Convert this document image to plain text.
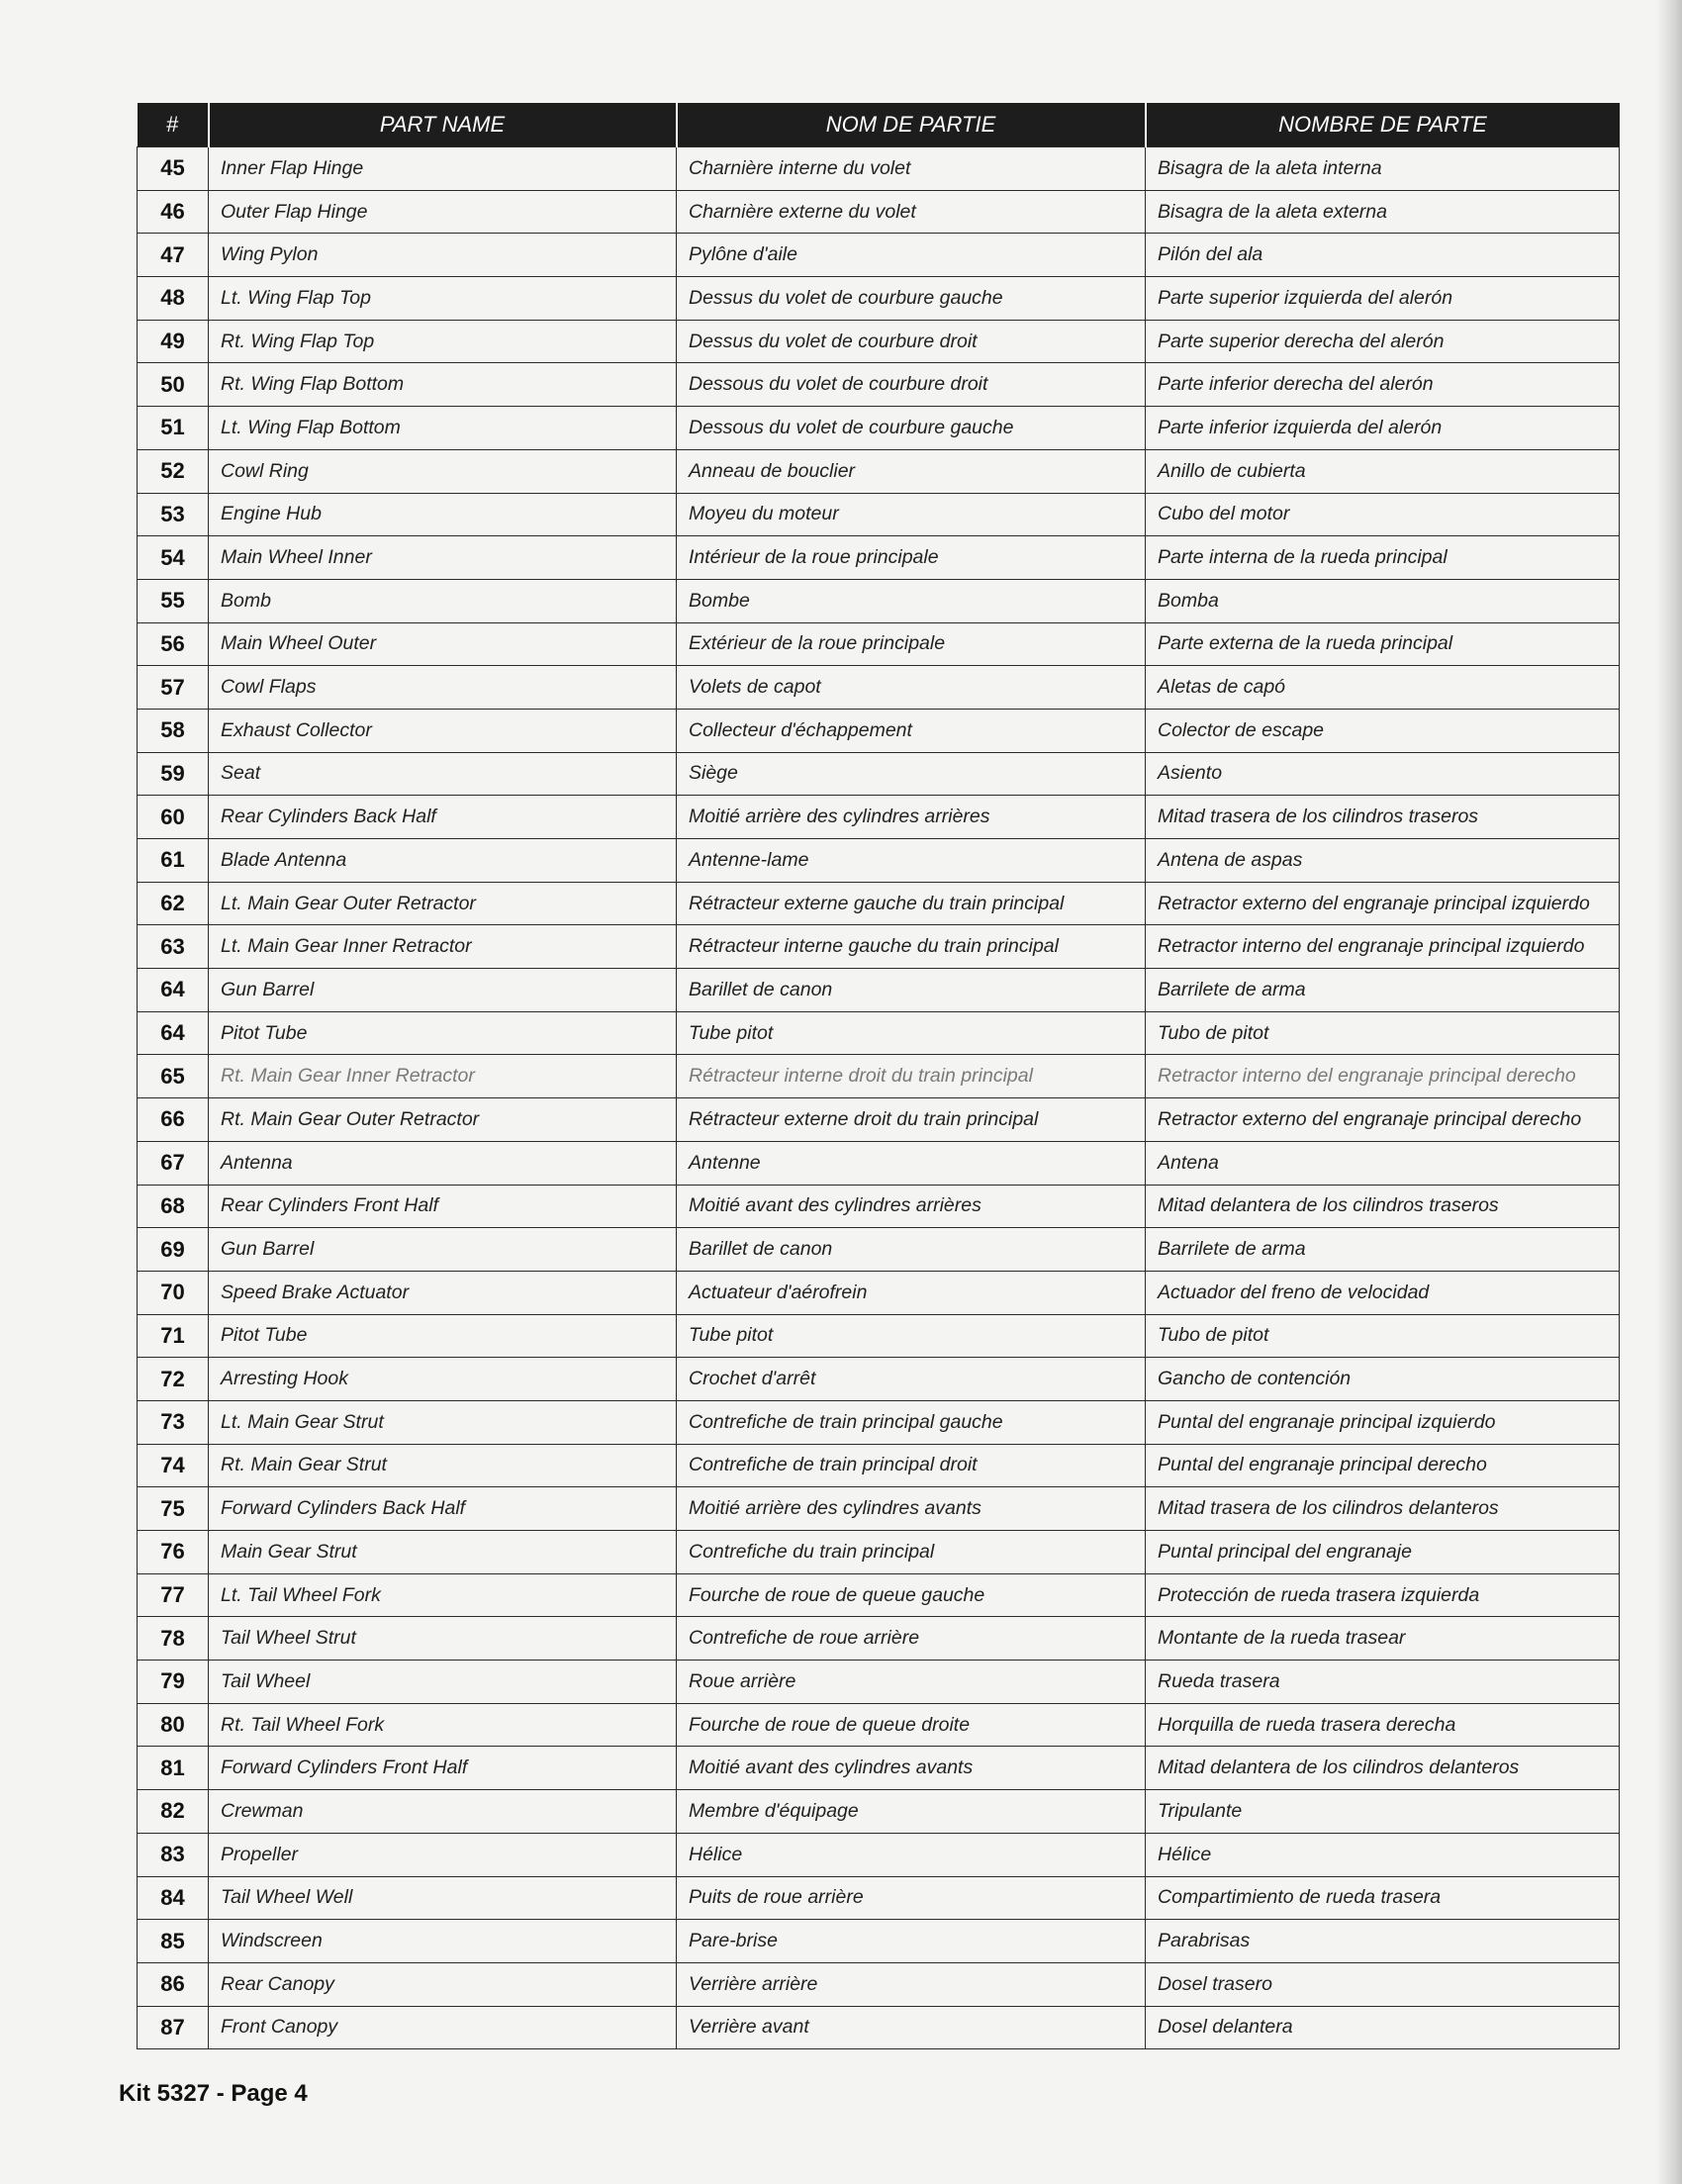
#	PART NAME	NOM DE PARTIE	NOMBRE DE PARTE
45	Inner Flap Hinge	Charnière interne du volet	Bisagra de la aleta interna
46	Outer Flap Hinge	Charnière externe du volet	Bisagra de la aleta externa
47	Wing Pylon	Pylône d'aile	Pilón del ala
48	Lt. Wing Flap Top	Dessus du volet de courbure gauche	Parte superior izquierda del alerón
49	Rt. Wing Flap Top	Dessus du volet de courbure droit	Parte superior derecha del alerón
50	Rt. Wing Flap Bottom	Dessous du volet de courbure droit	Parte inferior derecha del alerón
51	Lt. Wing Flap Bottom	Dessous du volet de courbure gauche	Parte inferior izquierda del alerón
52	Cowl Ring	Anneau de bouclier	Anillo de cubierta
53	Engine Hub	Moyeu du moteur	Cubo del motor
54	Main Wheel Inner	Intérieur de la roue principale	Parte interna de la rueda principal
55	Bomb	Bombe	Bomba
56	Main Wheel Outer	Extérieur de la roue principale	Parte externa de la rueda principal
57	Cowl Flaps	Volets de capot	Aletas de capó
58	Exhaust Collector	Collecteur d'échappement	Colector de escape
59	Seat	Siège	Asiento
60	Rear Cylinders Back Half	Moitié arrière des cylindres arrières	Mitad trasera de los cilindros traseros
61	Blade Antenna	Antenne-lame	Antena de aspas
62	Lt. Main Gear Outer Retractor	Rétracteur externe gauche du train principal	Retractor externo del engranaje principal izquierdo
63	Lt. Main Gear Inner Retractor	Rétracteur interne gauche du train principal	Retractor interno del engranaje principal izquierdo
64	Gun Barrel	Barillet de canon	Barrilete de arma
64	Pitot Tube	Tube pitot	Tubo de pitot
65	Rt. Main Gear Inner Retractor	Rétracteur interne droit du train principal	Retractor interno del engranaje principal derecho
66	Rt. Main Gear Outer Retractor	Rétracteur externe droit du train principal	Retractor externo del engranaje principal derecho
67	Antenna	Antenne	Antena
68	Rear Cylinders Front Half	Moitié avant des cylindres arrières	Mitad delantera de los cilindros traseros
69	Gun Barrel	Barillet de canon	Barrilete de arma
70	Speed Brake Actuator	Actuateur d'aérofrein	Actuador del freno de velocidad
71	Pitot Tube	Tube pitot	Tubo de pitot
72	Arresting Hook	Crochet d'arrêt	Gancho de contención
73	Lt. Main Gear Strut	Contrefiche de train principal gauche	Puntal del engranaje principal izquierdo
74	Rt. Main Gear Strut	Contrefiche de train principal droit	Puntal del engranaje principal derecho
75	Forward Cylinders Back Half	Moitié arrière des cylindres avants	Mitad trasera de los cilindros delanteros
76	Main Gear Strut	Contrefiche du train principal	Puntal principal del engranaje
77	Lt. Tail Wheel Fork	Fourche de roue de queue gauche	Protección de rueda trasera izquierda
78	Tail Wheel Strut	Contrefiche de roue arrière	Montante de la rueda trasear
79	Tail Wheel	Roue arrière	Rueda trasera
80	Rt. Tail Wheel Fork	Fourche de roue de queue droite	Horquilla de rueda trasera derecha
81	Forward Cylinders Front Half	Moitié avant des cylindres avants	Mitad delantera de los cilindros delanteros
82	Crewman	Membre d'équipage	Tripulante
83	Propeller	Hélice	Hélice
84	Tail Wheel Well	Puits de roue arrière	Compartimiento de rueda trasera
85	Windscreen	Pare-brise	Parabrisas
86	Rear Canopy	Verrière arrière	Dosel trasero
87	Front Canopy	Verrière avant	Dosel delantera
Kit 5327 - Page 4
